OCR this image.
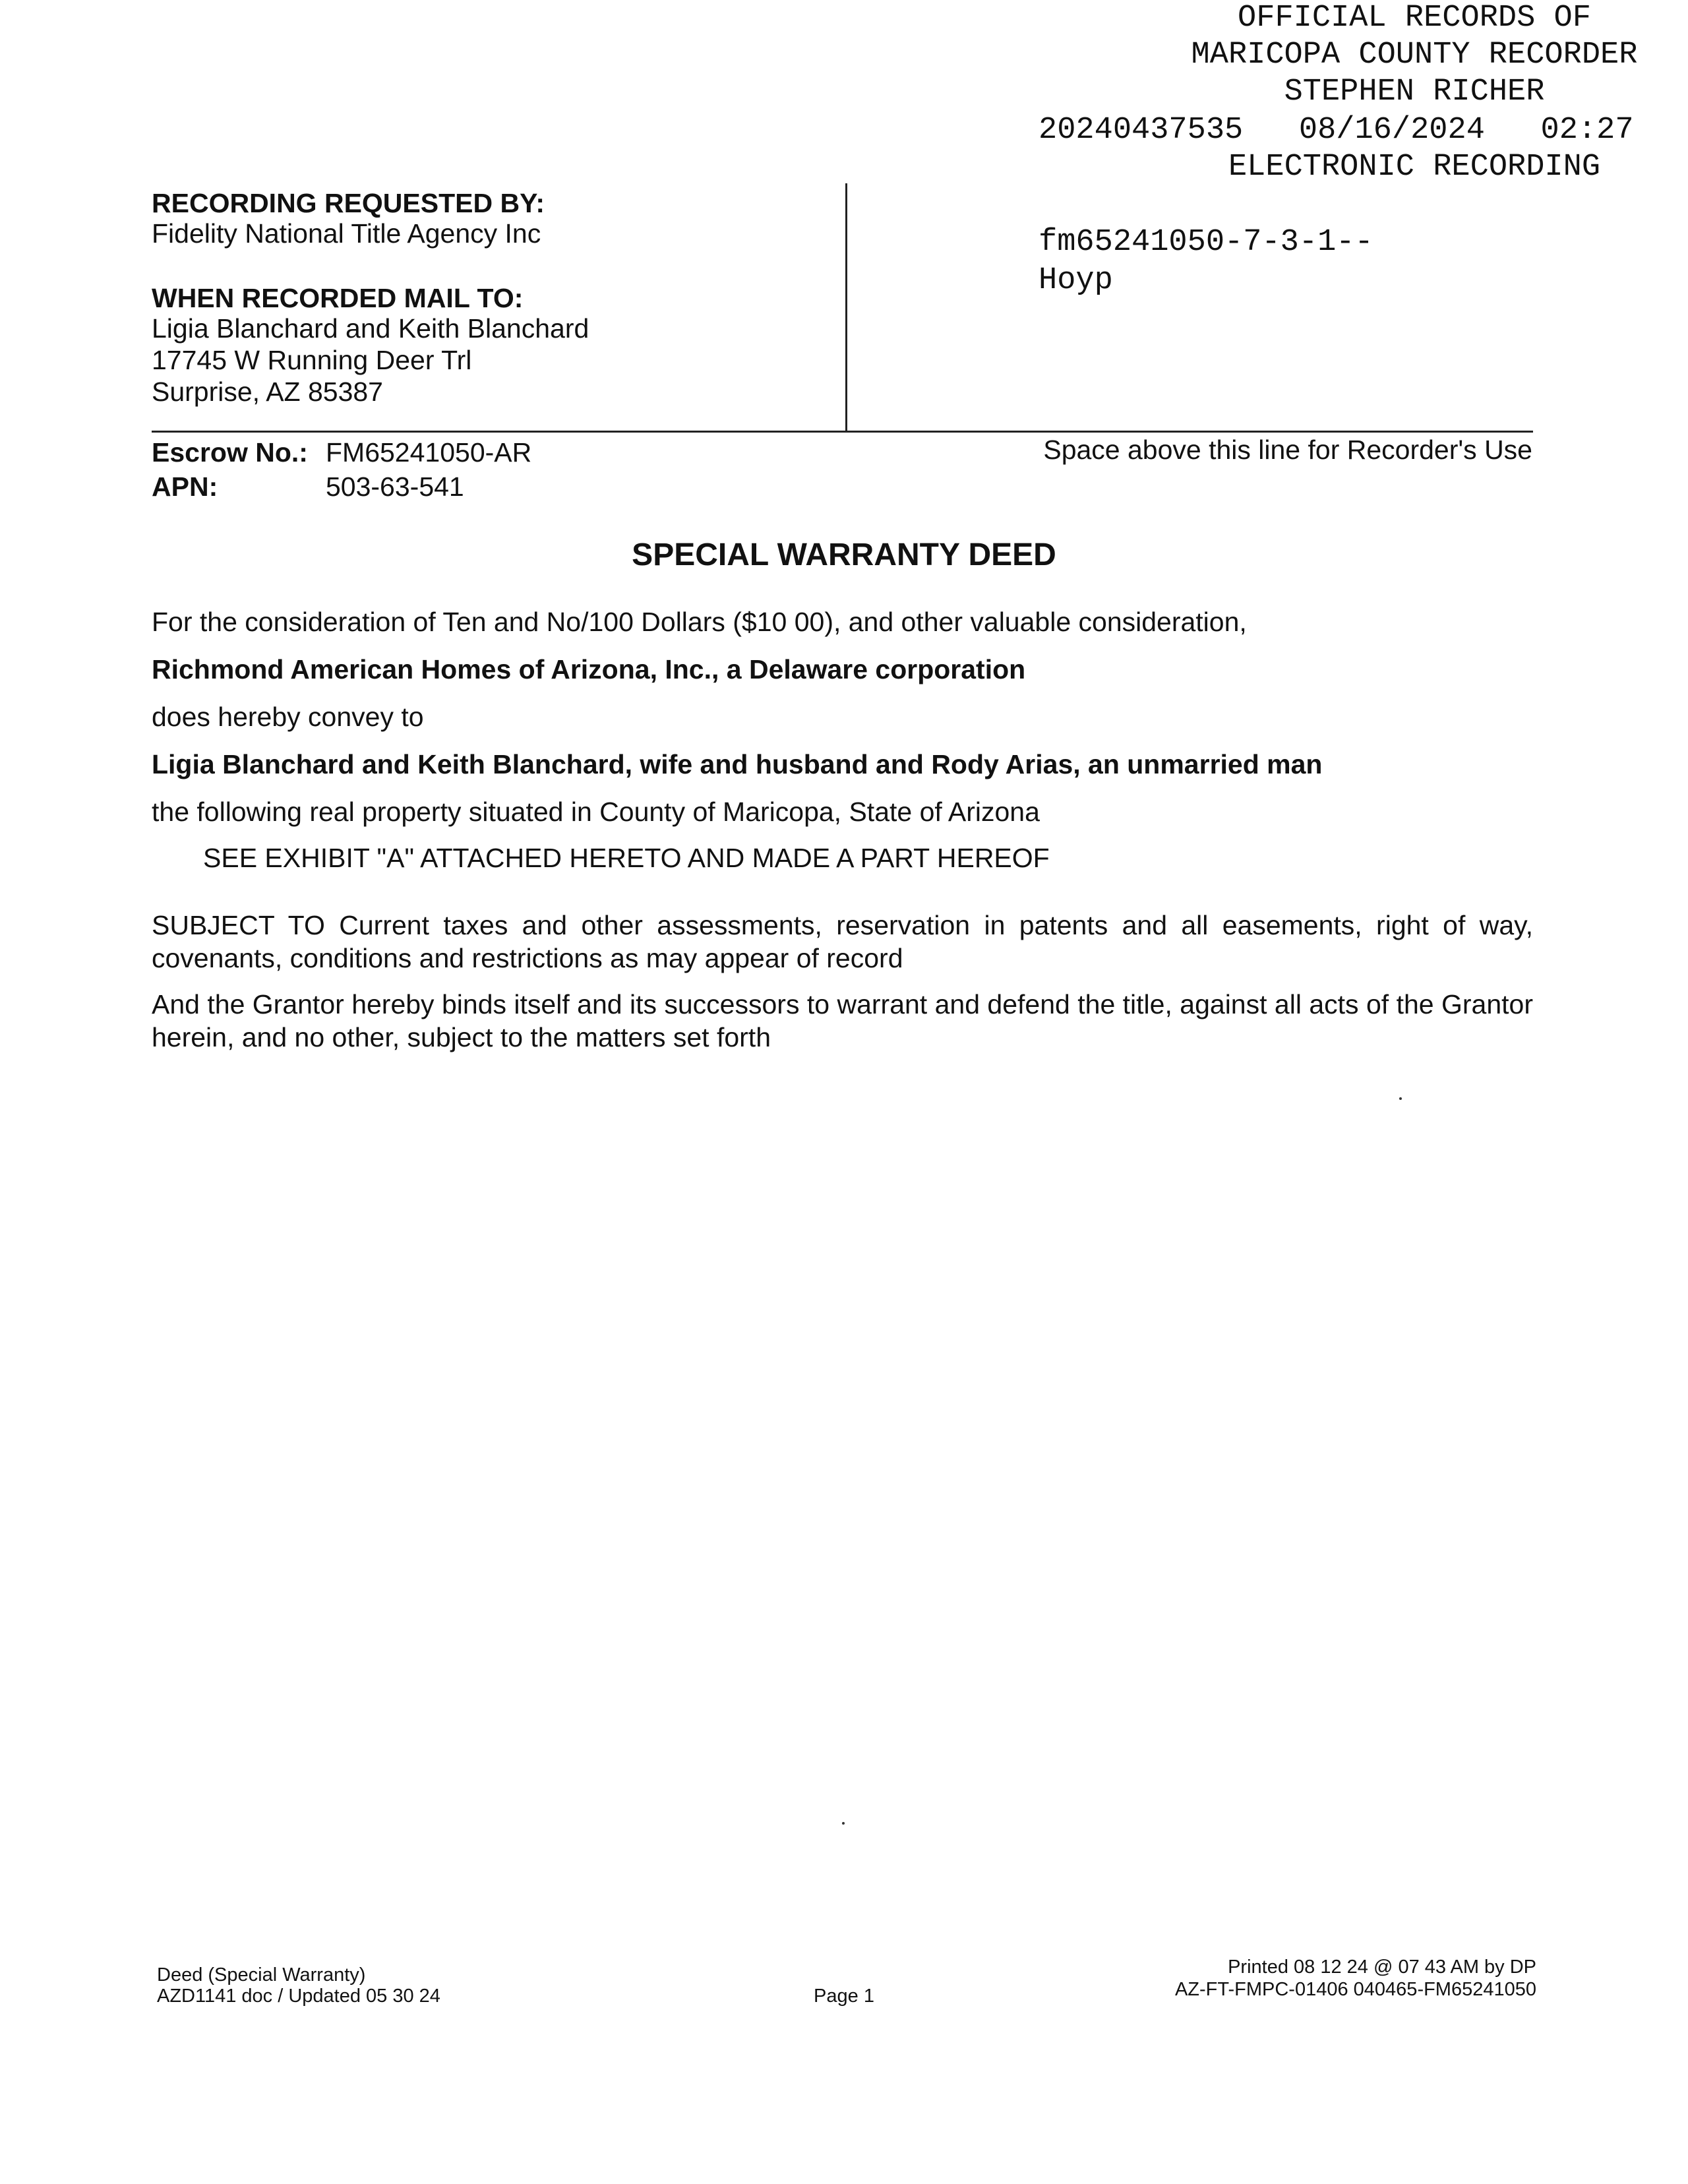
OFFICIAL RECORDS OF

MARICOPA COUNTY RECORDER

STEPHEN RICHER

20240437535   08/16/2024   02:27

ELECTRONIC RECORDING

fm65241050-7-3-1--

Hoyp

RECORDING REQUESTED BY:
Fidelity National Title Agency Inc
WHEN RECORDED MAIL TO:
Ligia Blanchard and Keith Blanchard
17745 W Running Deer Trl
Surprise, AZ 85387
Escrow No.: FM65241050-AR
APN:	503-63-541
Space above this line for Recorder's Use
SPECIAL WARRANTY DEED
For the consideration of Ten and No/100 Dollars ($10 00), and other valuable consideration,
Richmond American Homes of Arizona, Inc., a Delaware corporation
does hereby convey to
Ligia Blanchard and Keith Blanchard, wife and husband and Rody Arias, an unmarried man
the following real property situated in County of Maricopa, State of Arizona
SEE EXHIBIT "A" ATTACHED HERETO AND MADE A PART HEREOF
SUBJECT TO Current taxes and other assessments, reservation in patents and all easements, right of way, covenants, conditions and restrictions as may appear of record
And the Grantor hereby binds itself and its successors to warrant and defend the title, against all acts of the Grantor herein, and no other, subject to the matters set forth
Deed (Special Warranty)
AZD1141 doc / Updated 05 30 24	Page 1
Printed 08 12 24 @ 07 43 AM by DP
AZ-FT-FMPC-01406 040465-FM65241050
